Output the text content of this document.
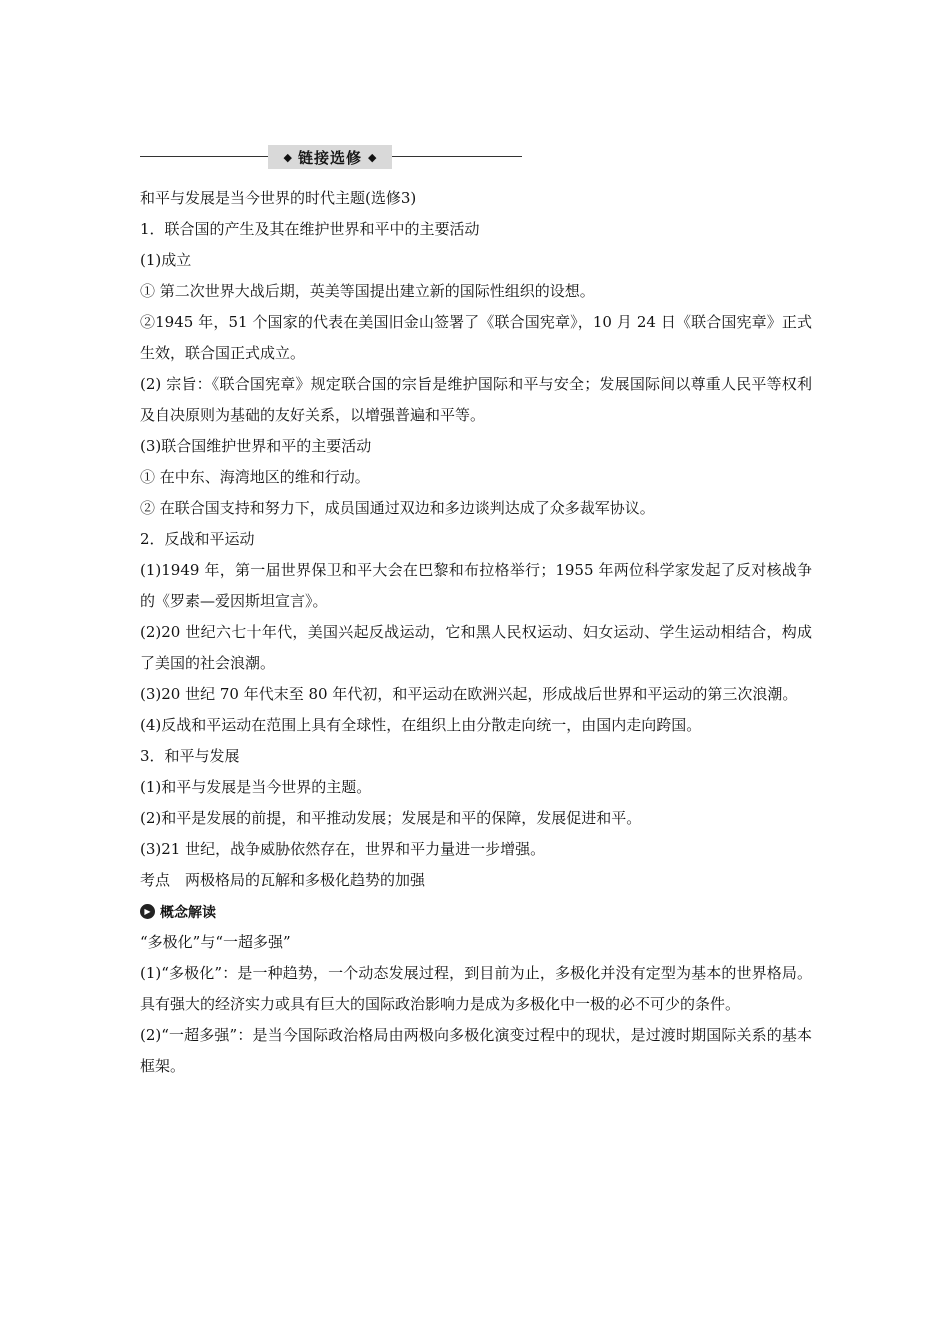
◆ 链接选修 ◆

和平与发展是当今世界的时代主题(选修3)

1．联合国的产生及其在维护世界和平中的主要活动

(1)成立

① 第二次世界大战后期，英美等国提出建立新的国际性组织的设想。

②1945 年，51 个国家的代表在美国旧金山签署了《联合国宪章》，10 月 24 日《联合国宪章》正式生效，联合国正式成立。

(2) 宗旨：《联合国宪章》规定联合国的宗旨是维护国际和平与安全；发展国际间以尊重人民平等权利及自决原则为基础的友好关系，以增强普遍和平等。

(3)联合国维护世界和平的主要活动

① 在中东、海湾地区的维和行动。

② 在联合国支持和努力下，成员国通过双边和多边谈判达成了众多裁军协议。

2．反战和平运动

(1)1949 年，第一届世界保卫和平大会在巴黎和布拉格举行；1955 年两位科学家发起了反对核战争的《罗素—爱因斯坦宣言》。

(2)20 世纪六七十年代，美国兴起反战运动，它和黑人民权运动、妇女运动、学生运动相结合，构成了美国的社会浪潮。

(3)20 世纪 70 年代末至 80 年代初，和平运动在欧洲兴起，形成战后世界和平运动的第三次浪潮。

(4)反战和平运动在范围上具有全球性，在组织上由分散走向统一，由国内走向跨国。

3．和平与发展

(1)和平与发展是当今世界的主题。

(2)和平是发展的前提，和平推动发展；发展是和平的保障，发展促进和平。

(3)21 世纪，战争威胁依然存在，世界和平力量进一步增强。

考点　两极格局的瓦解和多极化趋势的加强

▶ 概念解读

“多极化”与“一超多强”

(1)“多极化”：是一种趋势，一个动态发展过程，到目前为止，多极化并没有定型为基本的世界格局。具有强大的经济实力或具有巨大的国际政治影响力是成为多极化中一极的必不可少的条件。

(2)“一超多强”：是当今国际政治格局由两极向多极化演变过程中的现状，是过渡时期国际关系的基本框架。
